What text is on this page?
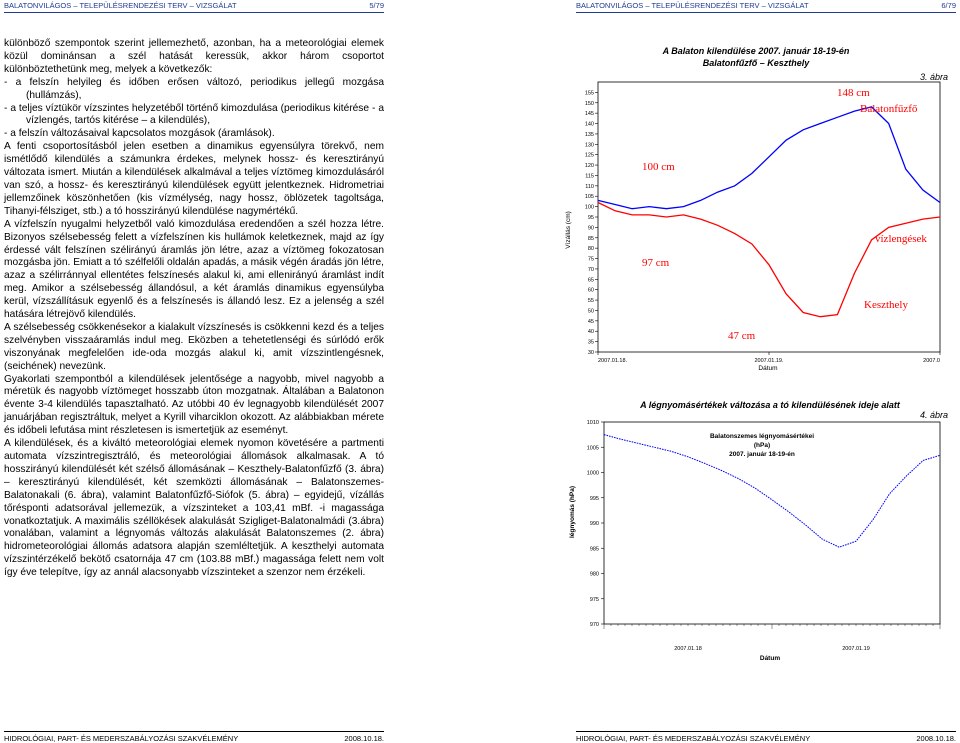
BALATONVILÁGOS – TELEPÜLÉSRENDEZÉSI TERV – VIZSGÁLAT	5/79	BALATONVILÁGOS – TELEPÜLÉSRENDEZÉSI TERV – VIZSGÁLAT	6/79

különböző szempontok szerint jellemezhető, azonban, ha a meteorológiai elemek közül dominánsan a szél hatását keressük, akkor három csoportot különböztethetünk meg, melyek a következők:

- a felszín helyileg és időben erősen változó, periodikus jellegű mozgása (hullámzás),

- a teljes víztükör vízszintes helyzetéből történő kimozdulása (periodikus kitérése - a vízlengés, tartós kitérése – a kilendülés),

- a felszín változásaival kapcsolatos mozgások (áramlások).

A fenti csoportosításból jelen esetben a dinamikus egyensúlyra törekvő, nem ismétlődő kilendülés a számunkra érdekes, melynek hossz- és keresztirányú változata ismert. Miután a kilendülések alkalmával a teljes víztömeg kimozdulásáról van szó, a hossz- és keresztirányú kilendülések együtt jelentkeznek. Hidrometriai jellemzőinek köszönhetően (kis vízmélység, nagy hossz, öblözetek tagoltsága, Tihanyi-félsziget, stb.) a tó hosszirányú kilendülése nagymértékű.

A vízfelszín nyugalmi helyzetből való kimozdulása eredendően a szél hozza létre. Bizonyos szélsebesség felett a vízfelszínen kis hullámok keletkeznek, majd az így érdessé vált felszínen szélirányú áramlás jön létre, azaz a víztömeg fokozatosan mozgásba jön. Emiatt a tó szélfelőli oldalán apadás, a másik végén áradás jön létre, azaz a szélirránnyal ellentétes felszínesés alakul ki, ami ellenirányú áramlást indít meg. Amikor a szélsebesség állandósul, a két áramlás dinamikus egyensúlyba kerül, vízszállításuk egyenlő és a felszínesés is állandó lesz. Ez a jelenség a szél hatására létrejövő kilendülés.

A szélsebesség csökkenésekor a kialakult vízszínesés is csökkenni kezd és a teljes szelvényben visszaáramlás indul meg. Eközben a tehetetlenségi és súrlódó erők viszonyának megfelelően ide-oda mozgás alakul ki, amit vízszintlengésnek, (seichének) nevezünk.

Gyakorlati szempontból a kilendülések jelentősége a nagyobb, mivel nagyobb a méretük és nagyobb víztömeget hosszabb úton mozgatnak. Általában a Balatonon évente 3-4 kilendülés tapasztalható. Az utóbbi 40 év legnagyobb kilendülését 2007 januárjában regisztráltuk, melyet a Kyrill viharciklon okozott. Az alábbiakban mérete és időbeli lefutása mint részletesen is ismertetjük az eseményt.

A kilendülések, és a kiváltó meteorológiai elemek nyomon követésére a partmenti automata vízszintregisztráló, és meteorológiai állomások alkalmasak. A tó hosszirányú kilendülését két szélső állomásának – Keszthely-Balatonfűzfő (3. ábra) – keresztirányú kilendülését, két szemközti állomásának – Balatonszemes-Balatonakali (6. ábra), valamint Balatonfűzfő-Siófok (5. ábra) – egyidejű, vízállás tőrésponti adatsorával jellemezük, a vízszinteket a 103,41 mBf. -i magassága vonatkoztatjuk. A maximális széllökések alakulását Szigliget-Balatonalmádi (3.ábra) vonalában, valamint a légnyomás változás alakulását Balatonszemes (2. ábra) hidrometeorológiai állomás adatsora alapján szemléltetjük. A keszthelyi automata vízszintérzékelő bekötő csatornája 47 cm (103.88 mBf.) magassága felett nem volt így éve telepítve, így az annál alacsonyabb vízszinteket a szenzor nem érzékeli.

A Balaton kilendülése 2007. január 18-19-én
Balatonfűzfő – Keszthely
3. ábra
30
35
40
45
50
55
60
65
70
75
80
85
90
95
100
105
110
115
120
125
130
135
140
145
150
155
2007.01.18.	2007.01.19.	2007.0
Vízállás (cm)
Dátum
148 cm
Balatonfűzfő
100 cm
vízlengések
97 cm
Keszthely
47 cm
A légnyomásértékek változása a tó kilendülésének ideje alatt
4. ábra
970
975
980
985
990
995
1000
1005
1010
2007.01.18	2007.01.19
Balatonszemes légnyomásértékei
(hPa)
2007. január 18-19-én
légnyomás (hPa)
Dátum
HIDROLÓGIAI, PART- ÉS MEDERSZABÁLYOZÁSI SZAKVÉLEMÉNY	2008.10.18.	HIDROLÓGIAI, PART- ÉS MEDERSZABÁLYOZÁSI SZAKVÉLEMÉNY	2008.10.18.
